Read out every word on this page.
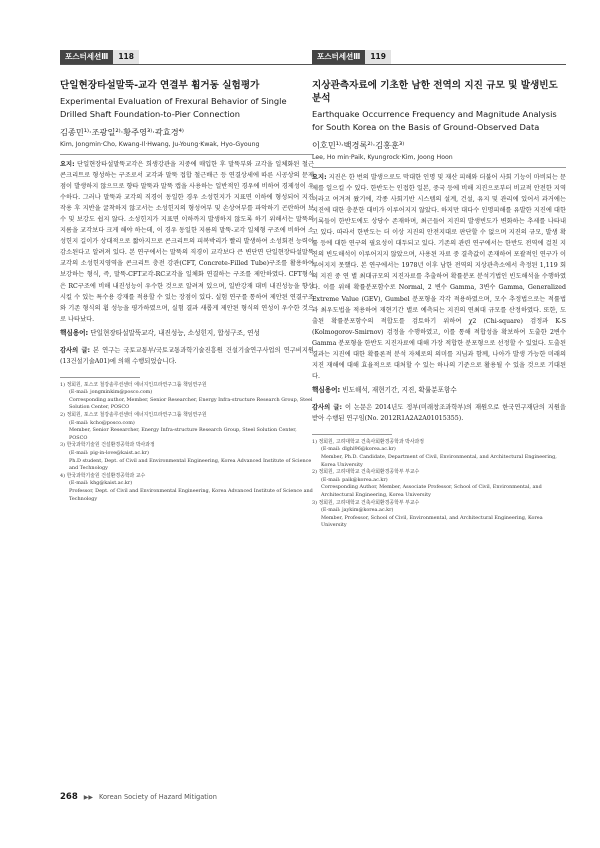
포스터세션Ⅲ	118
단일현장타설말뚝-교각 연결부 휨거동 실험평가
Experimental Evaluation of Frexural Behavior of Single Drilled Shaft Foundation-to-Pier Connection
김종민¹⁾·조광일²⁾·황주영³⁾·곽효경⁴⁾
Kim, Jongmin·Cho, Kwang-Il·Hwang, Ju-Young·Kwak, Hyo-Gyoung

요지: 단일현장타설말뚝교각은 희생강관을 지중에 매입한 후 말뚝부와 교각을 일체화된 철근콘크리트로 형성하는 구조로서 교각과 말뚝 접합 철근배근 등 연결상세에 따른 시공상의 문제점이 발생하지 않으므로 향타 말뚝과 말뚝 캡을 사용하는 일반적인 경우에 비하여 경제성이 우수하다. 그러나 말뚝과 교각의 직경이 동일한 경우 소성힌지가 지표면 이하에 형성되어 지진 작용 후 지반을 굴착하지 않고서는 소성힌지의 형성여부 및 손상여부를 파악하기 곤란하며 보수 및 보강도 쉽지 않다. 소성힌지가 지표면 이하까지 발생하지 않도록 하기 위해서는 말뚝의 지름을 교각보다 크게 해야 하는데, 이 경우 동일한 지름의 말뚝-교각 일체형 구조에 비하여 소성힌지 길이가 상대적으로 짧아지므로 콘크리트의 피복박리가 빨리 발생하여 소성회전 능력이 감소된다고 알려져 있다. 본 연구에서는 말뚝의 직경이 교각보다 큰 변단면 단일현장타설말뚝교각의 소성힌지영역을 콘크리트 충전 강관(CFT, Concrete-Filled Tube)구조를 활용하여 보강하는 형식, 즉, 말뚝-CFT교각-RC교각을 일체화 연결하는 구조를 제안하였다. CFT형식은 RC구조에 비해 내진성능이 우수한 것으로 알려져 있으며, 일반강재 대비 내진성능을 향상시킬 수 있는 특수용 강재를 적용할 수 있는 장점이 있다. 실험 연구를 통하여 제안된 연결구조와 기존 형식의 휨 성능을 평가하였으며, 실험 결과 새롭게 제안된 형식의 연성이 우수한 것으로 나타났다.

핵심용어: 단일현장타설말뚝교각, 내진성능, 소성힌지, 합성구조, 연성

감사의 글: 본 연구는 국토교통부/국토교통과학기술진흥원 건설기술연구사업의 연구비지원(13건설기술A01)에 의해 수행되었습니다.

1) 정회원, 포스코 철강솔루션센터 에너지인프라연구그룹 책임연구원
(E-mail: jongminkim@posco.com)
Corresponding author, Member, Senior Researcher, Energy Infra-structure Research Group, Steel Solution Center, POSCO
2) 정회원, 포스코 철강솔루션센터 에너지인프라연구그룹 책임연구원
(E-mail: kcho@posco.com)
Member, Senior Researcher, Energy Infra-structure Research Group, Steel Solution Center, POSCO
3) 한국과학기술원 건설환경공학과 박사과정
(E-mail: pig-in-love@kaist.ac.kr)
Ph.D student, Dept. of Civil and Environmental Engineering, Korea Advanced Institute of Science and Technology
4) 한국과학기술원 건설환경공학과 교수
(E-mail: khg@kaist.ac.kr)
Professor, Dept. of Civil and Environmental Engineering, Korea Advanced Institute of Science and Technology
포스터세션Ⅲ	119
지상관측자료에 기초한 남한 전역의 지진 규모 및 발생빈도 분석
Earthquake Occurrence Frequency and Magnitude Analysis for South Korea on the Basis of Ground-Observed Data
이호민¹⁾·백경록²⁾·김홍훈³⁾
Lee, Ho min·Paik, Kyungrock·Kim, Joong Hoon

요지: 지진은 한 번의 발생으로도 막대한 인명 및 재산 피해와 더불어 사회 기능이 마비되는 문제를 일으킬 수 있다. 한반도는 인접한 일본, 중국 등에 비해 지진으로부터 비교적 안전한 지역이라고 여겨져 왔기에, 각종 사회기반 시스템의 설계, 건설, 유지 및 관리에 있어서 과거에는 지진에 대한 충분한 대비가 이루어지지 않았다. 하지만 대다수 인명피해를 유발한 지진에 대한 기록들이 한반도에도 상당수 존재하며, 최근들어 지진의 발생빈도가 변화하는 추세를 나타내고 있다. 따라서 한반도는 더 이상 지진의 안전지대로 판단할 수 없으며 지진의 규모, 발생 확률 등에 대한 연구의 필요성이 대두되고 있다. 기존의 관련 연구에서는 한반도 전역에 걸친 지진의 빈도해석이 이루어지지 않았으며, 사용된 자료 중 결측값이 존재하여 포괄적인 연구가 이루어지지 못했다. 본 연구에서는 1978년 이후 남한 전역의 지상관측소에서 측정된 1,119 회의 지진 중 연 별 최대규모의 지진자료를 추출하여 확률분포 분석기법인 빈도해석을 수행하였다. 이를 위해 확률분포함수로 Normal, 2 변수 Gamma, 3변수 Gamma, Generalized Extreme Value (GEV), Gumbel 분포형을 각각 적용하였으며, 모수 추정법으로는 적률법과 최우도법을 적용하여 재현기간 별로 예측되는 지진의 연최대 규모를 산정하였다. 또한, 도출된 확률분포함수의 적합도를 검토하기 위하여 χ2 (Chi-square) 검정과 K-S (Kolmogorov-Smirnov) 검정을 수행하였고, 이를 통해 적합성을 확보하여 도출한 2변수 Gamma 분포형을 한반도 지진자료에 대해 가장 적합한 분포형으로 선정할 수 있었다. 도출된 결과는 지진에 대한 확률론적 분석 자체로의 의미를 지님과 함께, 나아가 발생 가능한 미래의 지진 재해에 대해 효율적으로 대처할 수 있는 하나의 기준으로 활용될 수 있을 것으로 기대된다.

핵심용어: 빈도해석, 재현기간, 지진, 확률분포함수

감사의 글: 이 논문은 2014년도 정부(미래창조과학부)의 재원으로 한국연구재단의 지원을 받아 수행된 연구임(No. 2012R1A2A2A01015355).

1) 정회원, 고려대학교 건축사회환경공학과 박사과정
(E-mail: dlghl96@korea.ac.kr)
Member, Ph.D. Candidate, Department of Civil, Environmental, and Architectural Engineering, Korea University
2) 정회원, 고려대학교 건축사회환경공학부 부교수
(E-mail: paik@korea.ac.kr)
Corresponding Author, Member, Associate Professor, School of Civil, Environmental, and Architectural Engineering, Korea University
3) 정회원, 고려대학교 건축사회환경공학부 부교수
(E-mail: jaykim@korea.ac.kr)
Member, Professor, School of Civil, Environmental, and Architectural Engineering, Korea University
268 ▶▶ Korean Society of Hazard Mitigation
